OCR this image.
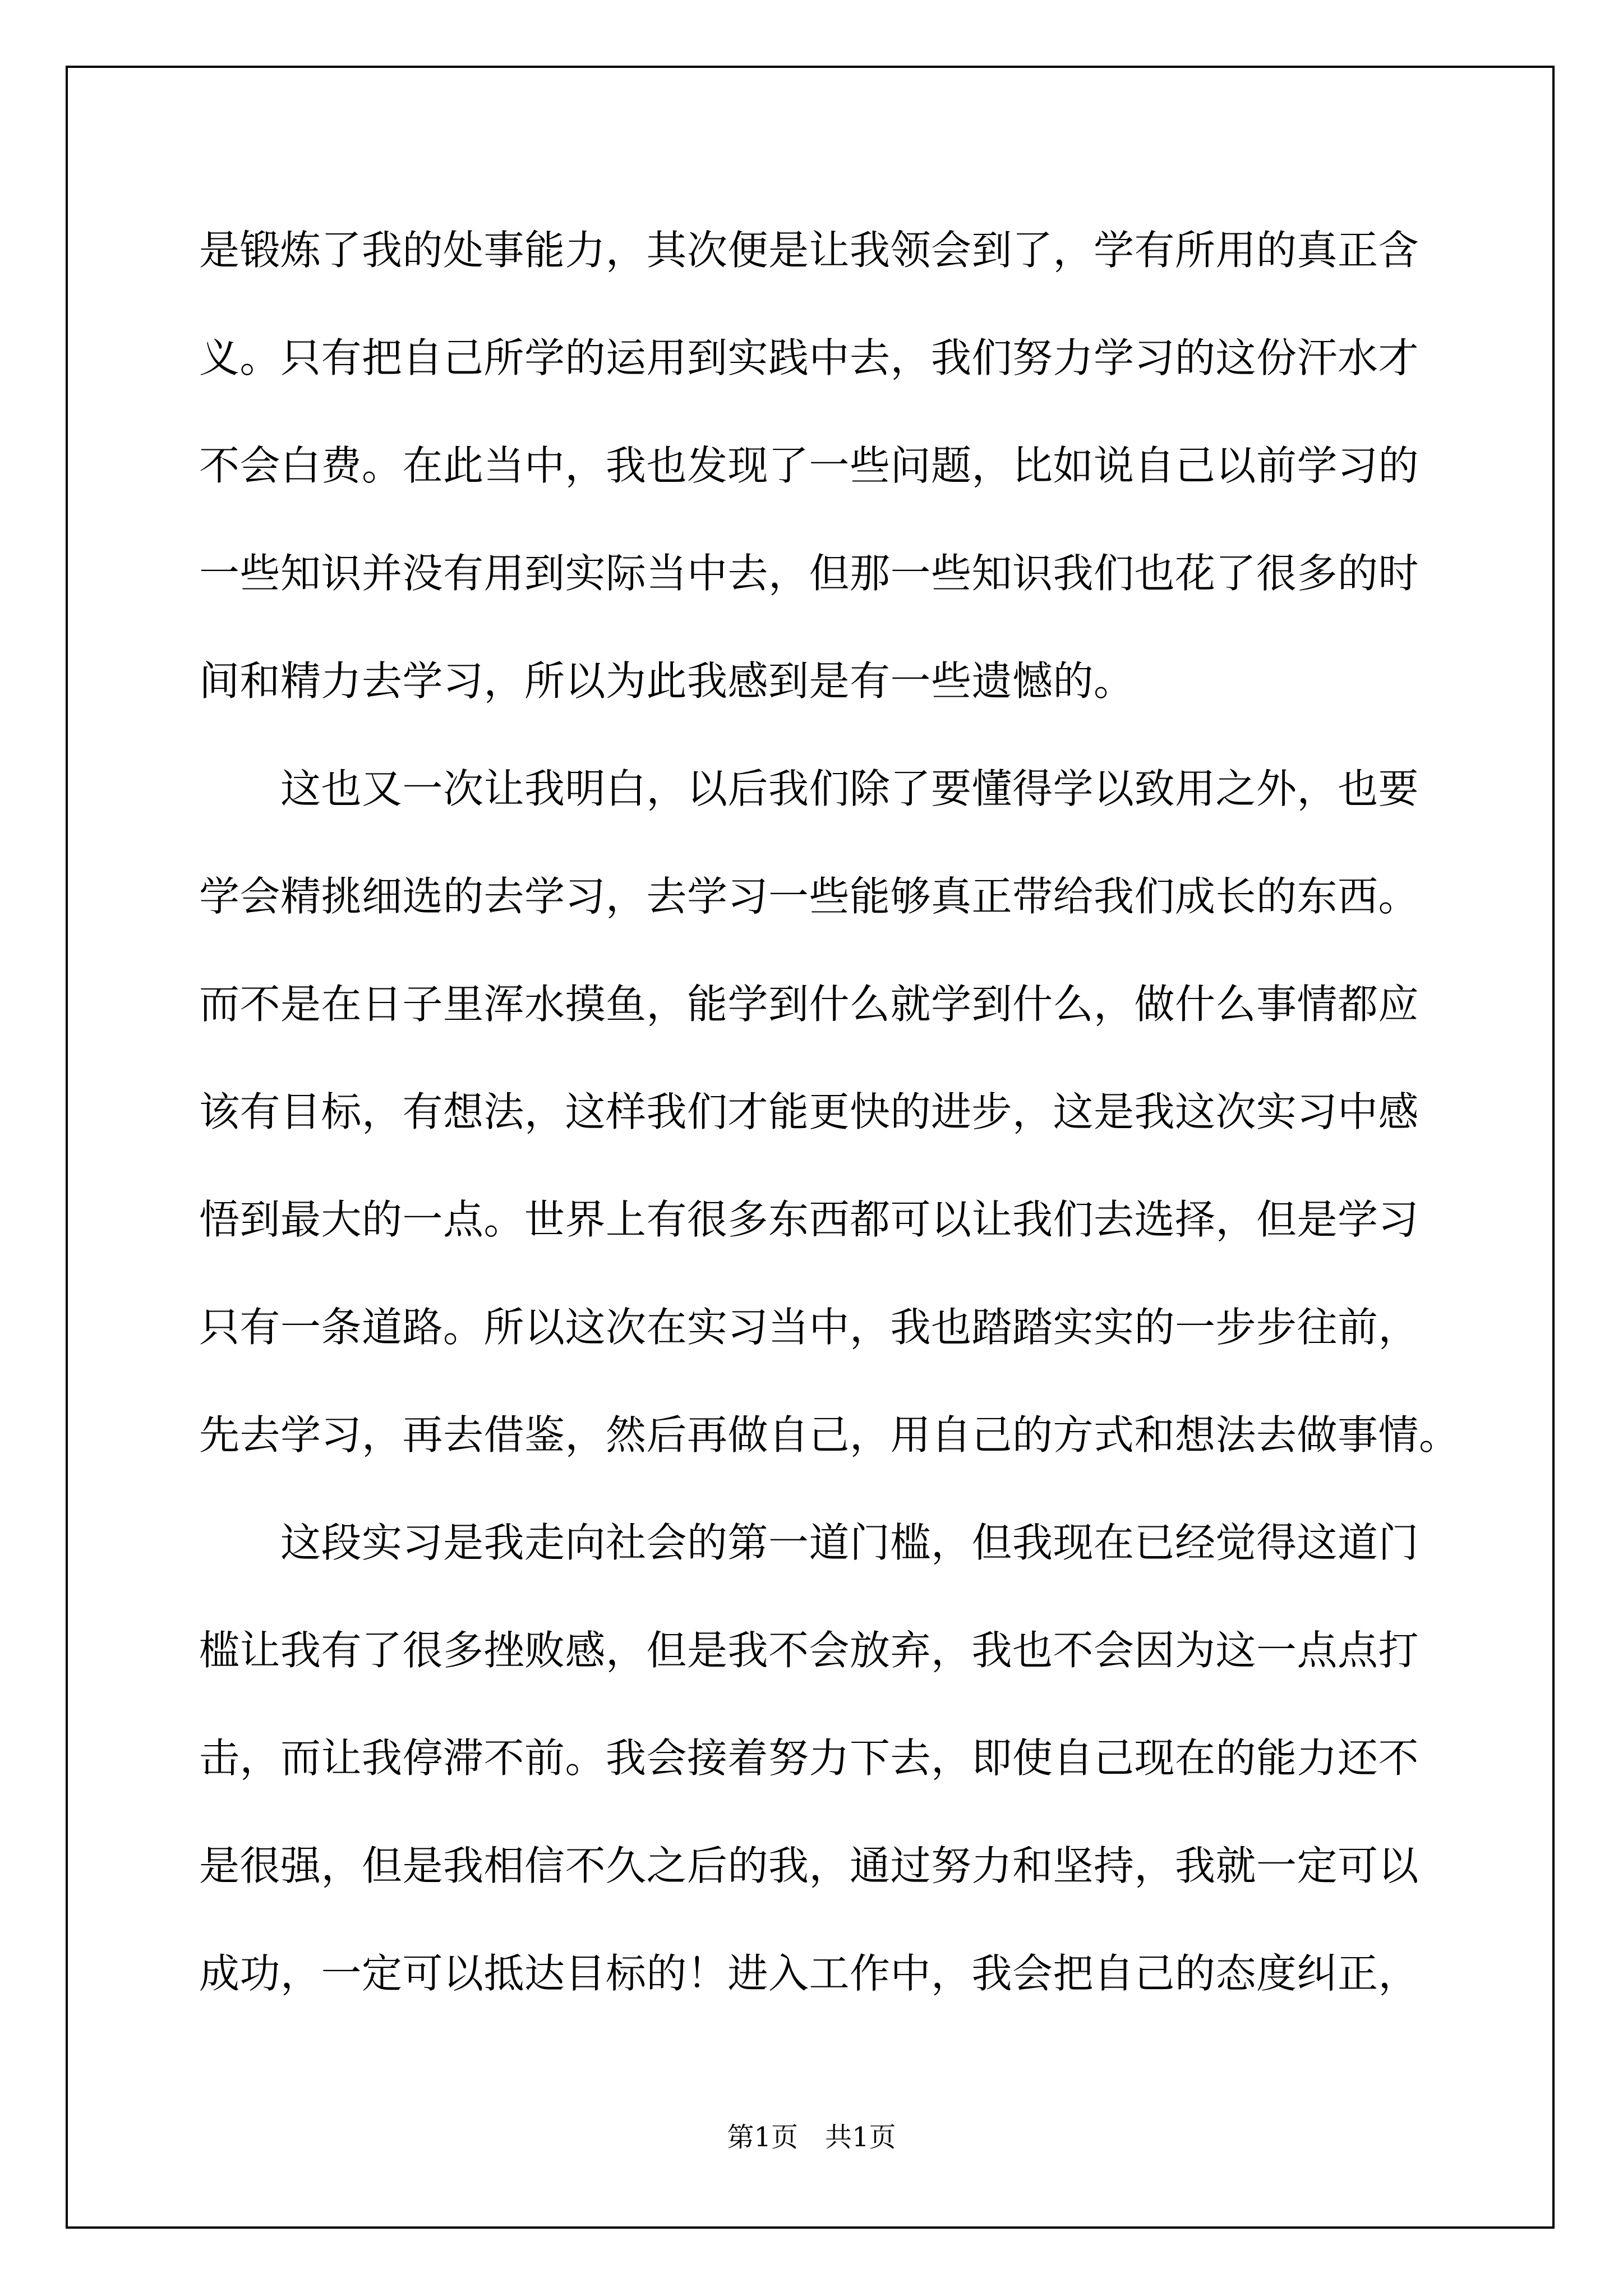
是锻炼了我的处事能力，其次便是让我领会到了，学有所用的真正含
义。只有把自己所学的运用到实践中去，我们努力学习的这份汗水才
不会白费。在此当中，我也发现了一些问题，比如说自己以前学习的
一些知识并没有用到实际当中去，但那一些知识我们也花了很多的时
间和精力去学习，所以为此我感到是有一些遗憾的。
　　这也又一次让我明白，以后我们除了要懂得学以致用之外，也要
学会精挑细选的去学习，去学习一些能够真正带给我们成长的东西。
而不是在日子里浑水摸鱼，能学到什么就学到什么，做什么事情都应
该有目标，有想法，这样我们才能更快的进步，这是我这次实习中感
悟到最大的一点。世界上有很多东西都可以让我们去选择，但是学习
只有一条道路。所以这次在实习当中，我也踏踏实实的一步步往前，
先去学习，再去借鉴，然后再做自己，用自己的方式和想法去做事情。
　　这段实习是我走向社会的第一道门槛，但我现在已经觉得这道门
槛让我有了很多挫败感，但是我不会放弃，我也不会因为这一点点打
击，而让我停滞不前。我会接着努力下去，即使自己现在的能力还不
是很强，但是我相信不久之后的我，通过努力和坚持，我就一定可以
成功，一定可以抵达目标的！进入工作中，我会把自己的态度纠正，
第1页　共1页
